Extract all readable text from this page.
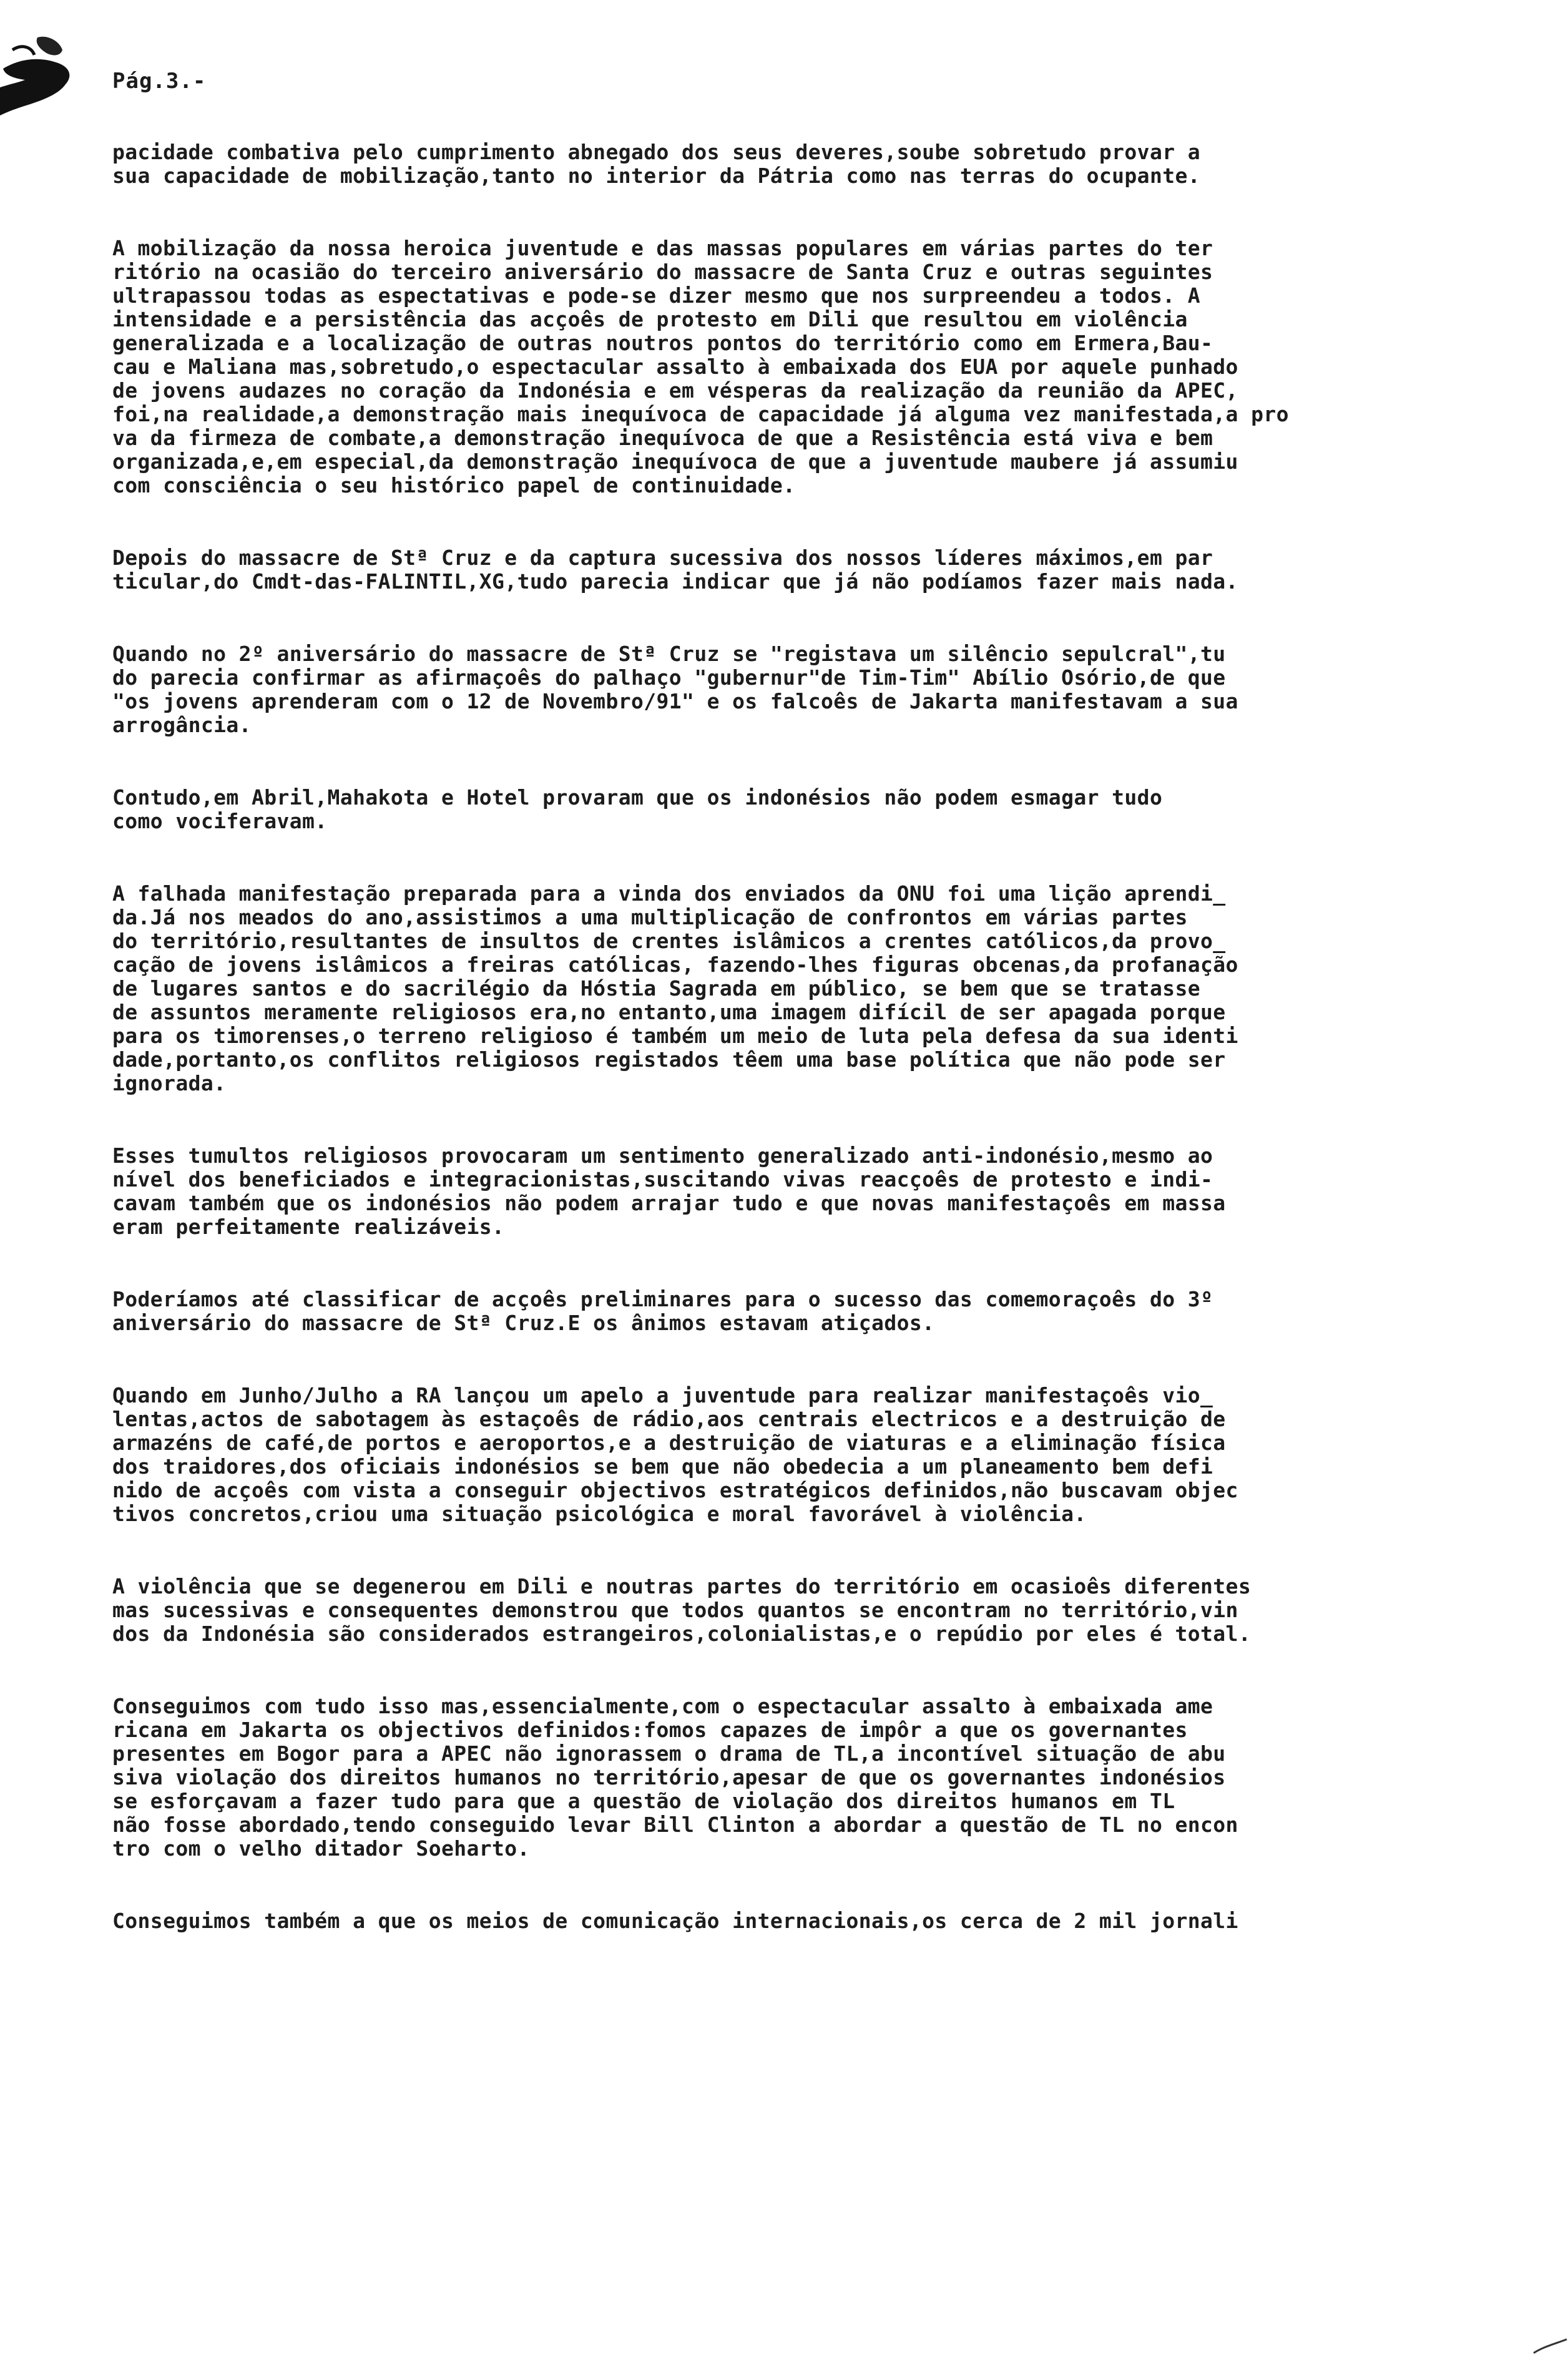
Pág.3.-
pacidade combativa pelo cumprimento abnegado dos seus deveres,soube sobretudo provar a
sua capacidade de mobilização,tanto no interior da Pátria como nas terras do ocupante.
A mobilização da nossa heroica juventude e das massas populares em várias partes do ter
ritório na ocasião do terceiro aniversário do massacre de Santa Cruz e outras seguintes
ultrapassou todas as espectativas e pode-se dizer mesmo que nos surpreendeu a todos. A
intensidade e a persistência das acçoês de protesto em Dili que resultou em violência
generalizada e a localização de outras noutros pontos do território como em Ermera,Bau-
cau e Maliana mas,sobretudo,o espectacular assalto à embaixada dos EUA por aquele punhado
de jovens audazes no coração da Indonésia e em vésperas da realização da reunião da APEC,
foi,na realidade,a demonstração mais inequívoca de capacidade já alguma vez manifestada,a pro
va da firmeza de combate,a demonstração inequívoca de que a Resistência está viva e bem
organizada,e,em especial,da demonstração inequívoca de que a juventude maubere já assumiu
com consciência o seu histórico papel de continuidade.
Depois do massacre de Stª Cruz e da captura sucessiva dos nossos líderes máximos,em par
ticular,do Cmdt-das-FALINTIL,XG,tudo parecia indicar que já não podíamos fazer mais nada.
Quando no 2º aniversário do massacre de Stª Cruz se "registava um silêncio sepulcral",tu
do parecia confirmar as afirmaçoês do palhaço "gubernur"de Tim-Tim" Abílio Osório,de que
"os jovens aprenderam com o 12 de Novembro/91" e os falcoês de Jakarta manifestavam a sua
arrogância.
Contudo,em Abril,Mahakota e Hotel provaram que os indonésios não podem esmagar tudo
como vociferavam.
A falhada manifestação preparada para a vinda dos enviados da ONU foi uma lição aprendi_
da.Já nos meados do ano,assistimos a uma multiplicação de confrontos em várias partes
do território,resultantes de insultos de crentes islâmicos a crentes católicos,da provo_
cação de jovens islâmicos a freiras católicas, fazendo-lhes figuras obcenas,da profanação
de lugares santos e do sacrilégio da Hóstia Sagrada em público, se bem que se tratasse
de assuntos meramente religiosos era,no entanto,uma imagem difícil de ser apagada porque
para os timorenses,o terreno religioso é também um meio de luta pela defesa da sua identi
dade,portanto,os conflitos religiosos registados têem uma base política que não pode ser
ignorada.
Esses tumultos religiosos provocaram um sentimento generalizado anti-indonésio,mesmo ao
nível dos beneficiados e integracionistas,suscitando vivas reacçoês de protesto e indi-
cavam também que os indonésios não podem arrajar tudo e que novas manifestaçoês em massa
eram perfeitamente realizáveis.
Poderíamos até classificar de acçoês preliminares para o sucesso das comemoraçoês do 3º
aniversário do massacre de Stª Cruz.E os ânimos estavam atiçados.
Quando em Junho/Julho a RA lançou um apelo a juventude para realizar manifestaçoês vio_
lentas,actos de sabotagem às estaçoês de rádio,aos centrais electricos e a destruição de
armazéns de café,de portos e aeroportos,e a destruição de viaturas e a eliminação física
dos traidores,dos oficiais indonésios se bem que não obedecia a um planeamento bem defi
nido de acçoês com vista a conseguir objectivos estratégicos definidos,não buscavam objec
tivos concretos,criou uma situação psicológica e moral favorável à violência.
A violência que se degenerou em Dili e noutras partes do território em ocasioês diferentes
mas sucessivas e consequentes demonstrou que todos quantos se encontram no território,vin
dos da Indonésia são considerados estrangeiros,colonialistas,e o repúdio por eles é total.
Conseguimos com tudo isso mas,essencialmente,com o espectacular assalto à embaixada ame
ricana em Jakarta os objectivos definidos:fomos capazes de impôr a que os governantes
presentes em Bogor para a APEC não ignorassem o drama de TL,a incontível situação de abu
siva violação dos direitos humanos no território,apesar de que os governantes indonésios
se esforçavam a fazer tudo para que a questão de violação dos direitos humanos em TL
não fosse abordado,tendo conseguido levar Bill Clinton a abordar a questão de TL no encon
tro com o velho ditador Soeharto.
Conseguimos também a que os meios de comunicação internacionais,os cerca de 2 mil jornali
